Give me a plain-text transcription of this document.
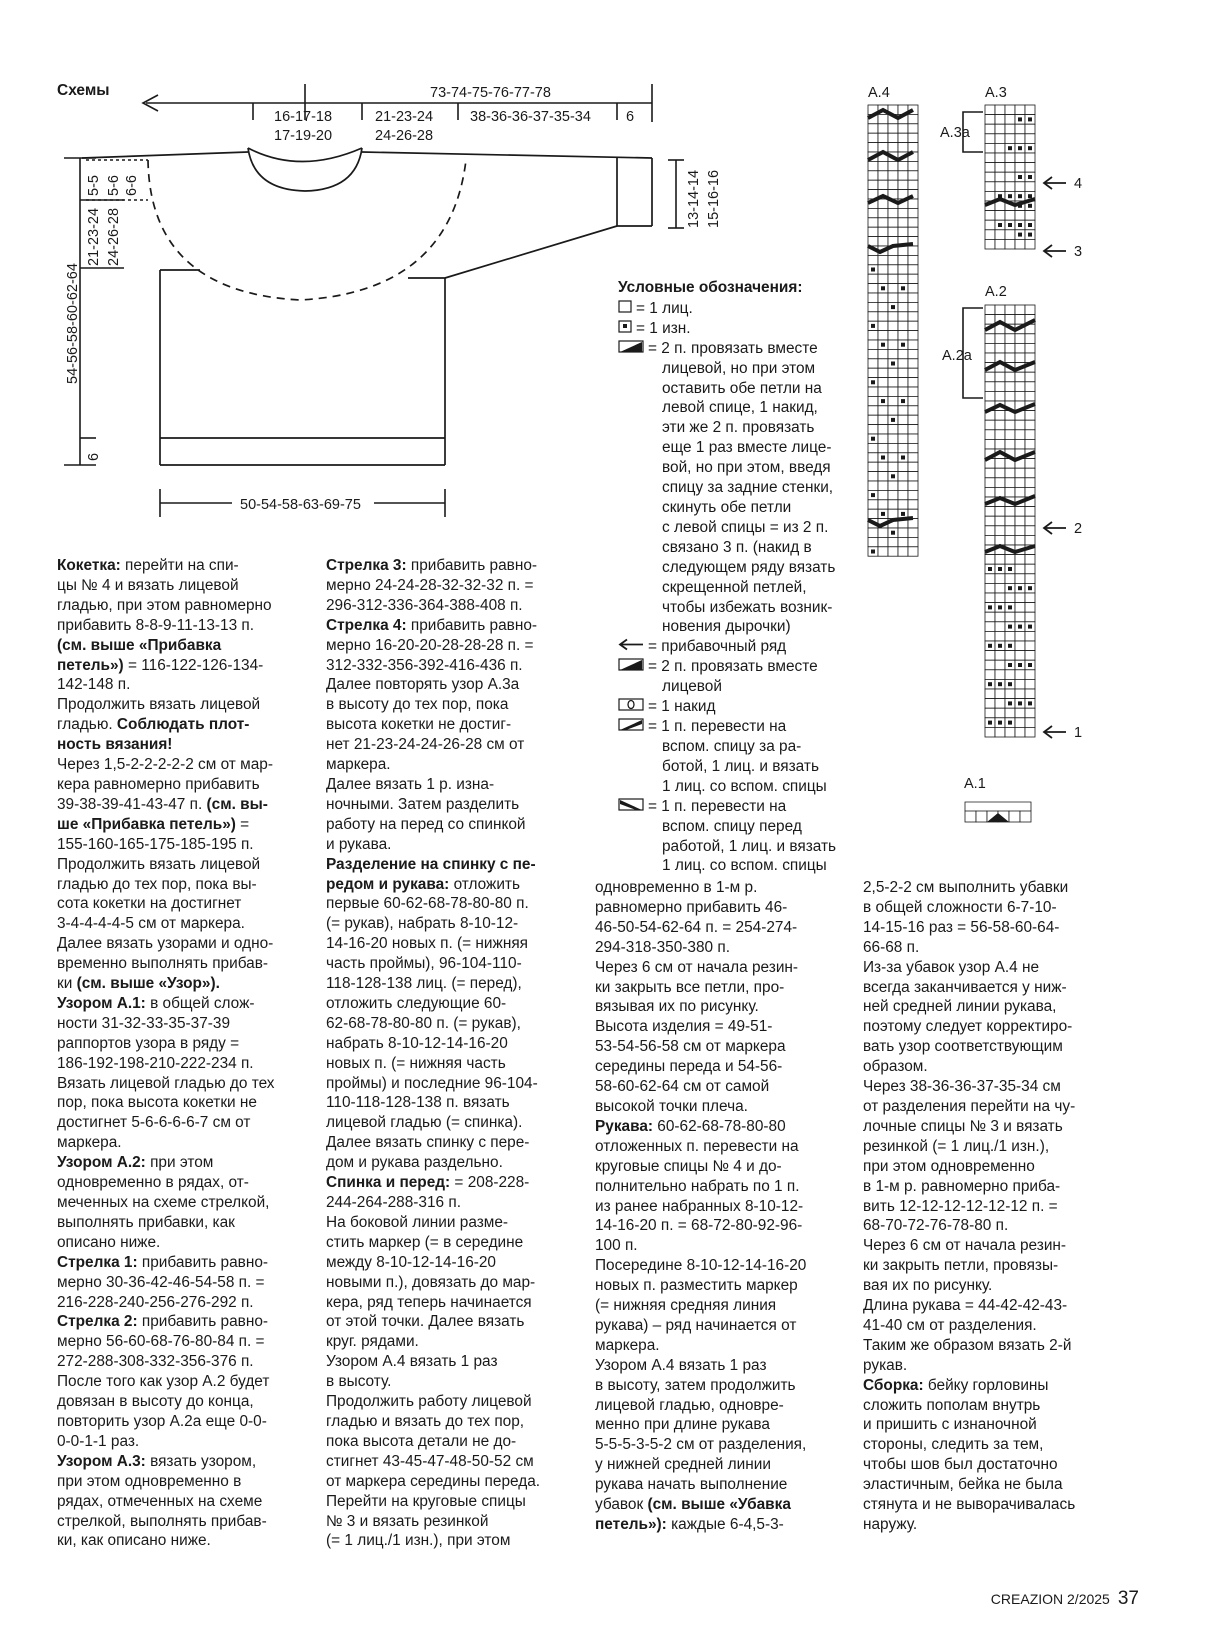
Схемы	73-74-75-76-77-78
16-17-18
17-19-20
21-23-24
24-26-28
38-36-36-37-35-34 6
54-56-58-60-62-64
21-23-24 24-26-28
5-5 5-6 6-6
6
13-14-14 15-16-16
50-54-58-63-69-75
A.4	A.3
A.3a
A.2
A.2a
A.1
4
3
2
1

Условные обозначения:

= 1 лиц.
= 1 изн.
= 2 п. провязать вместе
лицевой, но при этом
оставить обе петли на
левой спице, 1 накид,
эти же 2 п. провязать
еще 1 раз вместе лице-
вой, но при этом, введя
спицу за задние стенки,
скинуть обе петли
с левой спицы = из 2 п.
связано 3 п. (накид в
следующем ряду вязать
скрещенной петлей,
чтобы избежать возник-
новения дырочки)
= прибавочный ряд
= 2 п. провязать вместе
лицевой
= 1 накид
= 1 п. перевести на
вспом. спицу за ра-
ботой, 1 лиц. и вязать
1 лиц. со вспом. спицы
= 1 п. перевести на
вспом. спицу перед
работой, 1 лиц. и вязать
1 лиц. со вспом. спицы

Кокетка: перейти на спи-

цы № 4 и вязать лицевой

гладью, при этом равномерно

прибавить 8-8-9-11-13-13 п.

(см. выше «Прибавка

петель») = 116-122-126-134-

142-148 п.

Продолжить вязать лицевой

гладью. Соблюдать плот-

ность вязания!

Через 1,5-2-2-2-2-2 см от мар-

кера равномерно прибавить

39-38-39-41-43-47 п. (см. вы-

ше «Прибавка петель») =

155-160-165-175-185-195 п.

Продолжить вязать лицевой

гладью до тех пор, пока вы-

сота кокетки на достигнет

3-4-4-4-4-5 см от маркера.

Далее вязать узорами и одно-

временно выполнять прибав-

ки (см. выше «Узор»).

Узором А.1: в общей слож-

ности 31-32-33-35-37-39

раппортов узора в ряду =

186-192-198-210-222-234 п.

Вязать лицевой гладью до тех

пор, пока высота кокетки не

достигнет 5-6-6-6-6-7 см от

маркера.

Узором А.2: при этом

одновременно в рядах, от-

меченных на схеме стрелкой,

выполнять прибавки, как

описано ниже.

Стрелка 1: прибавить равно-

мерно 30-36-42-46-54-58 п. =

216-228-240-256-276-292 п.

Стрелка 2: прибавить равно-

мерно 56-60-68-76-80-84 п. =

272-288-308-332-356-376 п.

После того как узор А.2 будет

довязан в высоту до конца,

повторить узор А.2а еще 0-0-

0-0-1-1 раз.

Узором А.3: вязать узором,

при этом одновременно в

рядах, отмеченных на схеме

стрелкой, выполнять прибав-

ки, как описано ниже.

Стрелка 3: прибавить равно-

мерно 24-24-28-32-32-32 п. =

296-312-336-364-388-408 п.

Стрелка 4: прибавить равно-

мерно 16-20-20-28-28-28 п. =

312-332-356-392-416-436 п.

Далее повторять узор А.3а

в высоту до тех пор, пока

высота кокетки не достиг-

нет 21-23-24-24-26-28 см от

маркера.

Далее вязать 1 р. изна-

ночными. Затем разделить

работу на перед со спинкой

и рукава.

Разделение на спинку с пе-

редом и рукава: отложить

первые 60-62-68-78-80-80 п.

(= рукав), набрать 8-10-12-

14-16-20 новых п. (= нижняя

часть проймы), 96-104-110-

118-128-138 лиц. (= перед),

отложить следующие 60-

62-68-78-80-80 п. (= рукав),

набрать 8-10-12-14-16-20

новых п. (= нижняя часть

проймы) и последние 96-104-

110-118-128-138 п. вязать

лицевой гладью (= спинка).

Далее вязать спинку с пере-

дом и рукава раздельно.

Спинка и перед: = 208-228-

244-264-288-316 п.

На боковой линии разме-

стить маркер (= в середине

между 8-10-12-14-16-20

новыми п.), довязать до мар-

кера, ряд теперь начинается

от этой точки. Далее вязать

круг. рядами.

Узором А.4 вязать 1 раз

в высоту.

Продолжить работу лицевой

гладью и вязать до тех пор,

пока высота детали не до-

стигнет 43-45-47-48-50-52 см

от маркера середины переда.

Перейти на круговые спицы

№ 3 и вязать резинкой

(= 1 лиц./1 изн.), при этом

одновременно в 1-м р.

равномерно прибавить 46-

46-50-54-62-64 п. = 254-274-

294-318-350-380 п.

Через 6 см от начала резин-

ки закрыть все петли, про-

вязывая их по рисунку.

Высота изделия = 49-51-

53-54-56-58 см от маркера

середины переда и 54-56-

58-60-62-64 см от самой

высокой точки плеча.

Рукава: 60-62-68-78-80-80

отложенных п. перевести на

круговые спицы № 4 и до-

полнительно набрать по 1 п.

из ранее набранных 8-10-12-

14-16-20 п. = 68-72-80-92-96-

100 п.

Посередине 8-10-12-14-16-20

новых п. разместить маркер

(= нижняя средняя линия

рукава) – ряд начинается от

маркера.

Узором А.4 вязать 1 раз

в высоту, затем продолжить

лицевой гладью, одновре-

менно при длине рукава

5-5-5-3-5-2 см от разделения,

у нижней средней линии

рукава начать выполнение

убавок (см. выше «Убавка

петель»): каждые 6-4,5-3-

2,5-2-2 см выполнить убавки

в общей сложности 6-7-10-

14-15-16 раз = 56-58-60-64-

66-68 п.

Из-за убавок узор А.4 не

всегда заканчивается у ниж-

ней средней линии рукава,

поэтому следует корректиро-

вать узор соответствующим

образом.

Через 38-36-36-37-35-34 см

от разделения перейти на чу-

лочные спицы № 3 и вязать

резинкой (= 1 лиц./1 изн.),

при этом одновременно

в 1-м р. равномерно приба-

вить 12-12-12-12-12-12 п. =

68-70-72-76-78-80 п.

Через 6 см от начала резин-

ки закрыть петли, провязы-

вая их по рисунку.

Длина рукава = 44-42-42-43-

41-40 см от разделения.

Таким же образом вязать 2-й

рукав.

Сборка: бейку горловины

сложить пополам внутрь

и пришить с изнаночной

стороны, следить за тем,

чтобы шов был достаточно

эластичным, бейка не была

стянута и не выворачивалась

наружу.

CREAZION 2/2025 37
